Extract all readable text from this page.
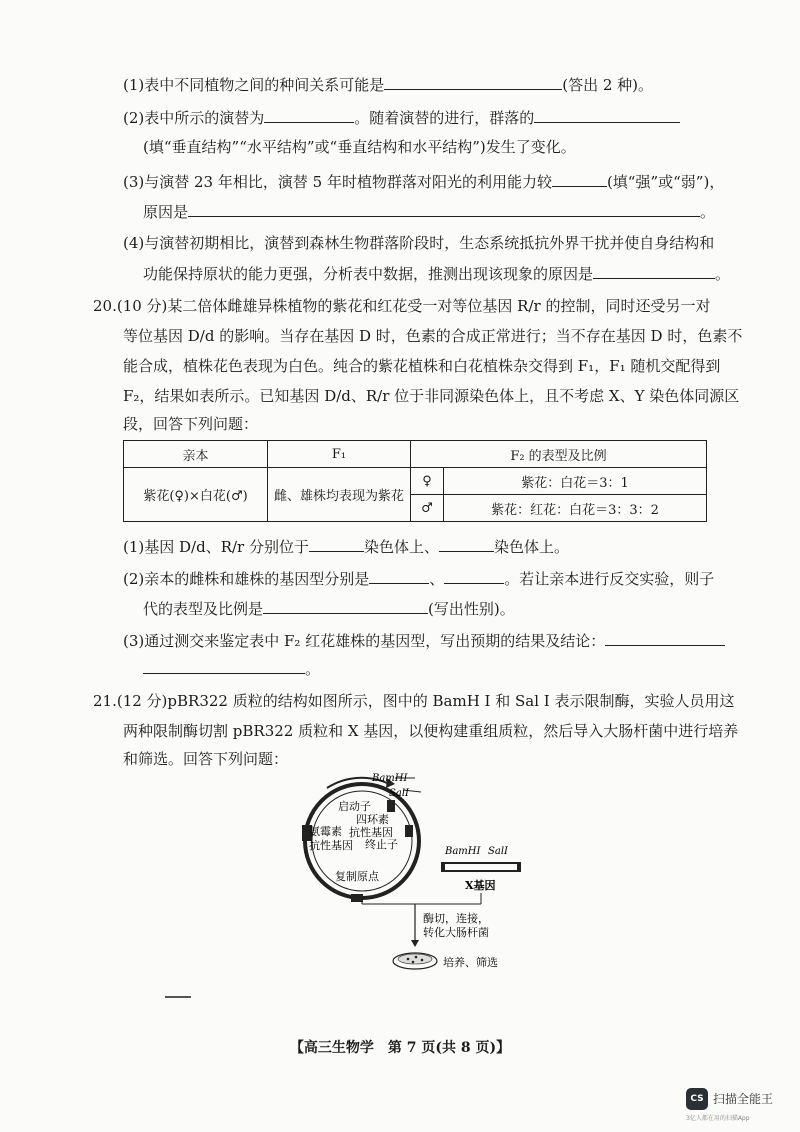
(1)表中不同植物之间的种间关系可能是	(答出 2 种)。
(2)表中所示的演替为	。随着演替的进行，群落的
(填“垂直结构”“水平结构”或“垂直结构和水平结构”)发生了变化。
(3)与演替 23 年相比，演替 5 年时植物群落对阳光的利用能力较	(填“强”或“弱”)，
原因是	。
(4)与演替初期相比，演替到森林生物群落阶段时，生态系统抵抗外界干扰并使自身结构和
功能保持原状的能力更强，分析表中数据，推测出现该现象的原因是	。
20.(10 分)某二倍体雌雄异株植物的紫花和红花受一对等位基因 R/r 的控制，同时还受另一对
等位基因 D/d 的影响。当存在基因 D 时，色素的合成正常进行；当不存在基因 D 时，色素不
能合成，植株花色表现为白色。纯合的紫花植株和白花植株杂交得到 F₁，F₁ 随机交配得到
F₂，结果如表所示。已知基因 D/d、R/r 位于非同源染色体上，且不考虑 X、Y 染色体同源区
段，回答下列问题：
亲本	F₁	F₂ 的表型及比例	
紫花(♀)×白花(♂)	雌、雄株均表现为紫花	♀	紫花：白花＝3：1
		♂	紫花：红花：白花＝3：3：2
(1)基因 D/d、R/r 分别位于	染色体上、	染色体上。
(2)亲本的雌株和雄株的基因型分别是	、	。若让亲本进行反交实验，则子
代的表型及比例是	(写出性别)。
(3)通过测交来鉴定表中 F₂ 红花雄株的基因型，写出预期的结果及结论：
。
21.(12 分)pBR322 质粒的结构如图所示，图中的 BamH Ⅰ 和 Sal Ⅰ 表示限制酶，实验人员用这
两种限制酶切割 pBR322 质粒和 X 基因，以便构建重组质粒，然后导入大肠杆菌中进行培养
和筛选。回答下列问题：
BamHⅠ
SalⅠ
启动子
四环素
抗性基因
终止子
氨霉素
抗性基因
复制原点
BamHⅠ SalⅠ
X基因
酶切，连接，
转化大肠杆菌
培养、筛选
【高三生物学　第 7 页(共 8 页)】
CS 扫描全能王
3亿人都在用的扫描App
